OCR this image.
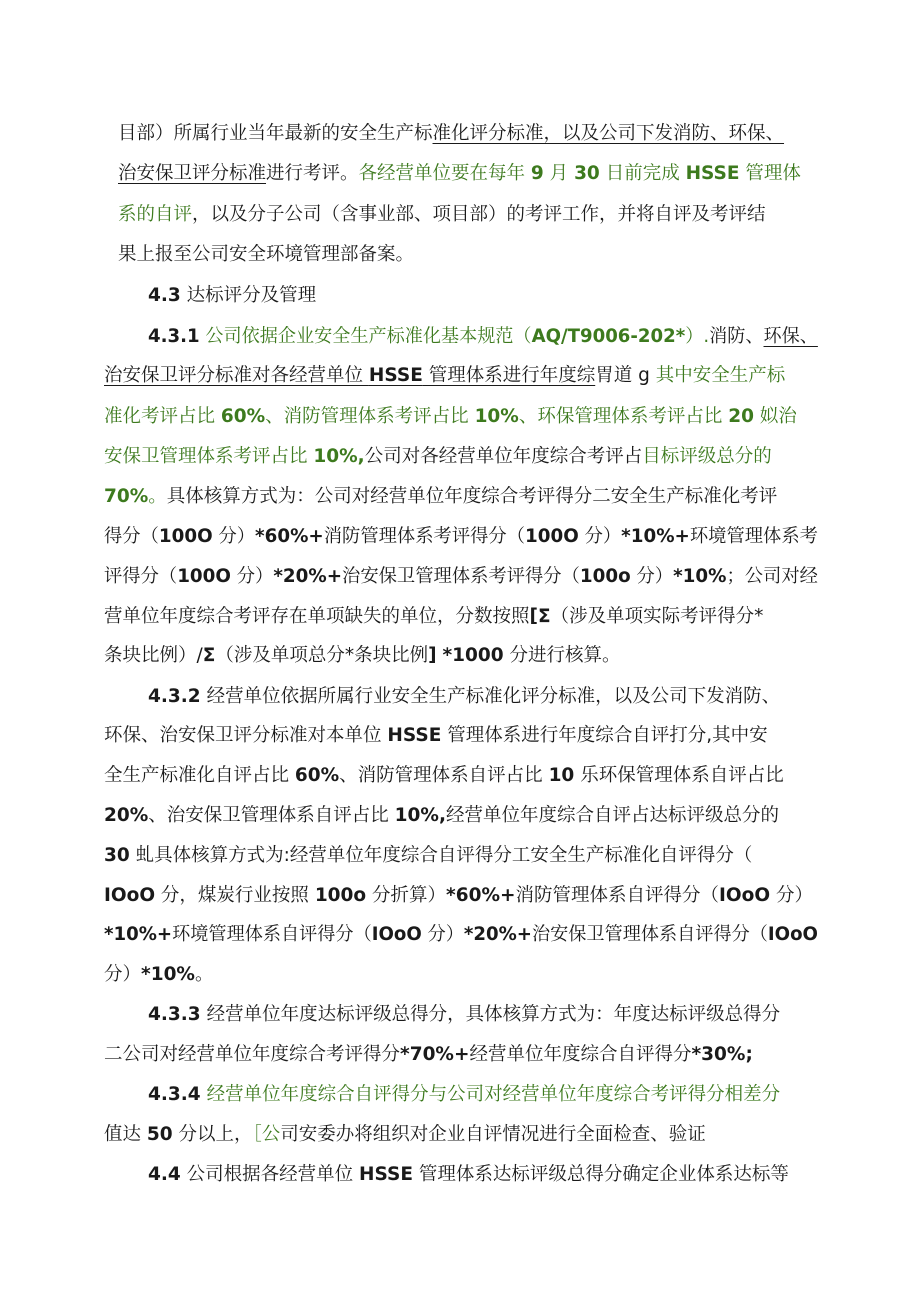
目部）所属行业当年最新的安全生产标准化评分标准，以及公司下发消防、环保、
治安保卫评分标准进行考评。各经营单位要在每年 9 月 30 日前完成 HSSE 管理体
系的自评，以及分子公司（含事业部、项目部）的考评工作，并将自评及考评结
果上报至公司安全环境管理部备案。
4.3 达标评分及管理
4.3.1 公司依据企业安全生产标准化基本规范（AQ/T9006-202*）.消防、环保、
治安保卫评分标准对各经营单位 HSSE 管理体系进行年度综胃道 g 其中安全生产标
准化考评占比 60%、消防管理体系考评占比 10%、环保管理体系考评占比 20 姒治
安保卫管理体系考评占比 10%,公司对各经营单位年度综合考评占目标评级总分的
70%。具体核算方式为：公司对经营单位年度综合考评得分二安全生产标准化考评
得分（100O 分）*60%+消防管理体系考评得分（100O 分）*10%+环境管理体系考
评得分（100O 分）*20%+治安保卫管理体系考评得分（100o 分）*10%；公司对经
营单位年度综合考评存在单项缺失的单位，分数按照[Σ（涉及单项实际考评得分*
条块比例）/Σ（涉及单项总分*条块比例] *1000 分进行核算。
4.3.2 经营单位依据所属行业安全生产标准化评分标准，以及公司下发消防、
环保、治安保卫评分标准对本单位 HSSE 管理体系进行年度综合自评打分,其中安
全生产标准化自评占比 60%、消防管理体系自评占比 10 乐环保管理体系自评占比
20%、治安保卫管理体系自评占比 10%,经营单位年度综合自评占达标评级总分的
30 虬具体核算方式为:经营单位年度综合自评得分工安全生产标准化自评得分（
IOoO 分，煤炭行业按照 100o 分折算）*60%+消防管理体系自评得分（IOoO 分）
*10%+环境管理体系自评得分（IOoO 分）*20%+治安保卫管理体系自评得分（IOoO
分）*10%。
4.3.3 经营单位年度达标评级总得分，具体核算方式为：年度达标评级总得分
二公司对经营单位年度综合考评得分*70%+经营单位年度综合自评得分*30%;
4.3.4 经营单位年度综合自评得分与公司对经营单位年度综合考评得分相差分
值达 50 分以上，［公司安委办将组织对企业自评情况进行全面检查、验证
4.4 公司根据各经营单位 HSSE 管理体系达标评级总得分确定企业体系达标等
